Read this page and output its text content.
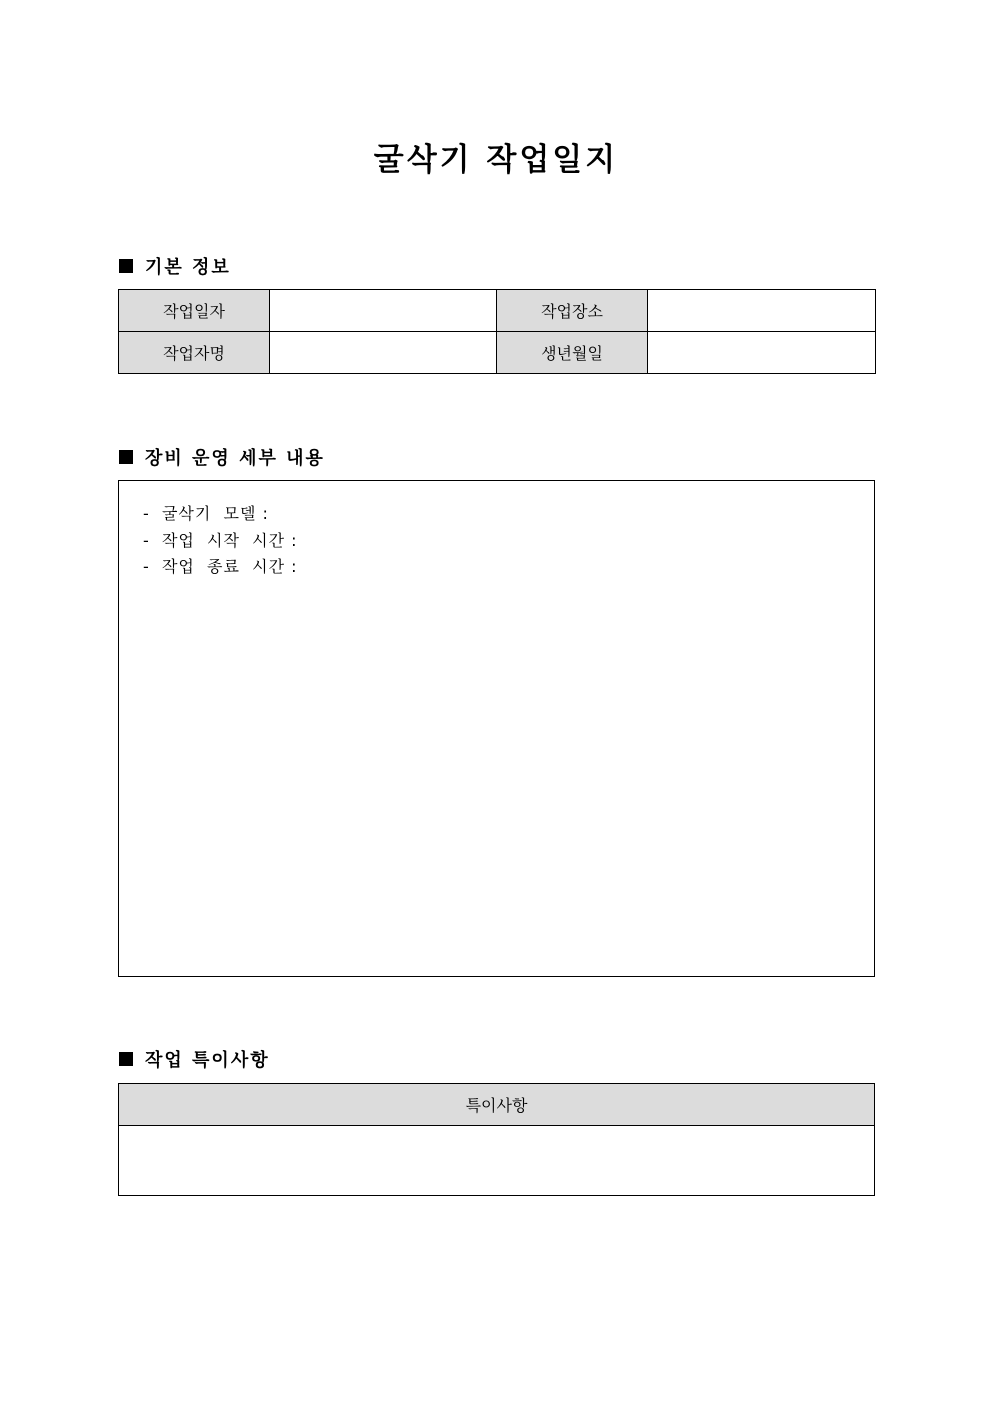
굴삭기 작업일지
기본 정보
작업일자		작업장소	
작업자명		생년월일	
장비 운영 세부 내용
-  굴삭기  모델 :
-  작업  시작  시간 :
-  작업  종료  시간 :
작업 특이사항
특이사항
